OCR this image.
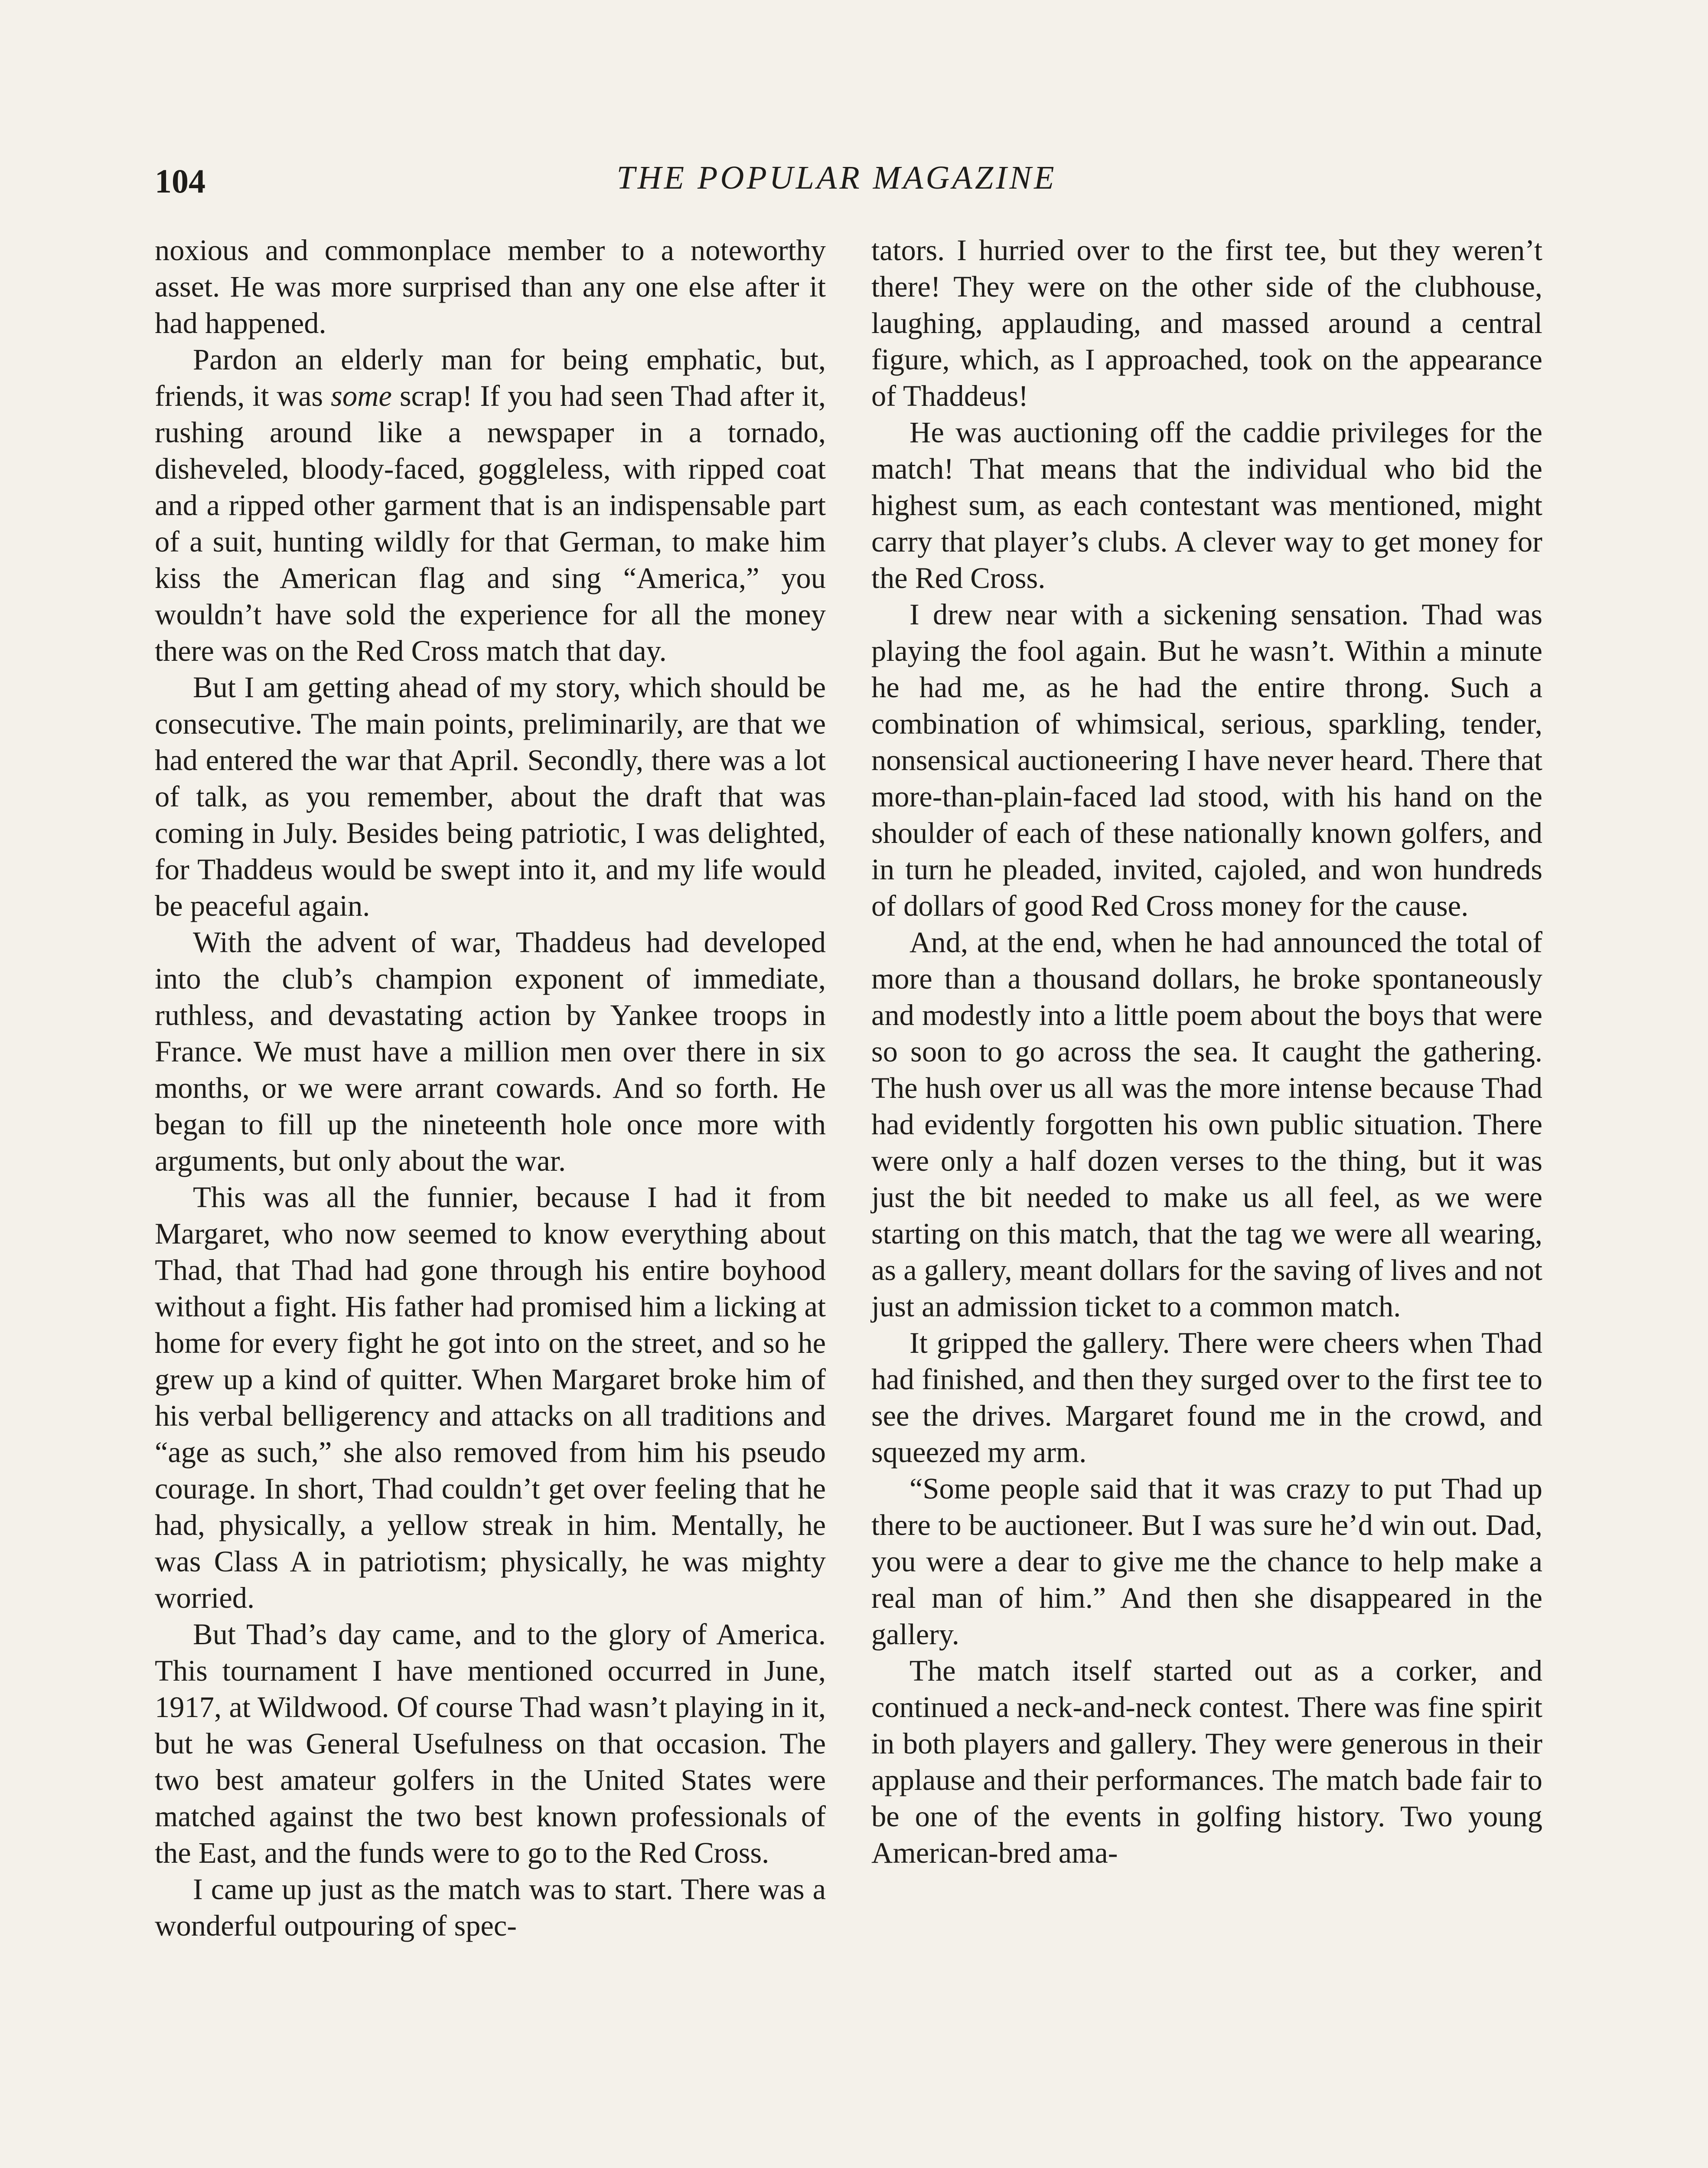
104	THE POPULAR MAGAZINE

noxious and commonplace member to a noteworthy asset. He was more surprised than any one else after it had happened.

Pardon an elderly man for being emphatic, but, friends, it was some scrap! If you had seen Thad after it, rushing around like a newspaper in a tornado, disheveled, bloody-faced, goggleless, with ripped coat and a ripped other garment that is an indispensable part of a suit, hunting wildly for that German, to make him kiss the American flag and sing “America,” you wouldn’t have sold the experience for all the money there was on the Red Cross match that day.

But I am getting ahead of my story, which should be consecutive. The main points, preliminarily, are that we had entered the war that April. Secondly, there was a lot of talk, as you remember, about the draft that was coming in July. Besides being patriotic, I was delighted, for Thaddeus would be swept into it, and my life would be peaceful again.

With the advent of war, Thaddeus had developed into the club’s champion exponent of immediate, ruthless, and devastating action by Yankee troops in France. We must have a million men over there in six months, or we were arrant cowards. And so forth. He began to fill up the nineteenth hole once more with arguments, but only about the war.

This was all the funnier, because I had it from Margaret, who now seemed to know everything about Thad, that Thad had gone through his entire boyhood without a fight. His father had promised him a licking at home for every fight he got into on the street, and so he grew up a kind of quitter. When Margaret broke him of his verbal belligerency and attacks on all traditions and “age as such,” she also removed from him his pseudo courage. In short, Thad couldn’t get over feeling that he had, physically, a yellow streak in him. Mentally, he was Class A in patriotism; physically, he was mighty worried.

But Thad’s day came, and to the glory of America. This tournament I have mentioned occurred in June, 1917, at Wildwood. Of course Thad wasn’t playing in it, but he was General Usefulness on that occasion. The two best amateur golfers in the United States were matched against the two best known professionals of the East, and the funds were to go to the Red Cross.

I came up just as the match was to start. There was a wonderful outpouring of spec-

tators. I hurried over to the first tee, but they weren’t there! They were on the other side of the clubhouse, laughing, applauding, and massed around a central figure, which, as I approached, took on the appearance of Thaddeus!

He was auctioning off the caddie privileges for the match! That means that the individual who bid the highest sum, as each contestant was mentioned, might carry that player’s clubs. A clever way to get money for the Red Cross.

I drew near with a sickening sensation. Thad was playing the fool again. But he wasn’t. Within a minute he had me, as he had the entire throng. Such a combination of whimsical, serious, sparkling, tender, nonsensical auctioneering I have never heard. There that more-than-plain-faced lad stood, with his hand on the shoulder of each of these nationally known golfers, and in turn he pleaded, invited, cajoled, and won hundreds of dollars of good Red Cross money for the cause.

And, at the end, when he had announced the total of more than a thousand dollars, he broke spontaneously and modestly into a little poem about the boys that were so soon to go across the sea. It caught the gathering. The hush over us all was the more intense because Thad had evidently forgotten his own public situation. There were only a half dozen verses to the thing, but it was just the bit needed to make us all feel, as we were starting on this match, that the tag we were all wearing, as a gallery, meant dollars for the saving of lives and not just an admission ticket to a common match.

It gripped the gallery. There were cheers when Thad had finished, and then they surged over to the first tee to see the drives. Margaret found me in the crowd, and squeezed my arm.

“Some people said that it was crazy to put Thad up there to be auctioneer. But I was sure he’d win out. Dad, you were a dear to give me the chance to help make a real man of him.” And then she disappeared in the gallery.

The match itself started out as a corker, and continued a neck-and-neck contest. There was fine spirit in both players and gallery. They were generous in their applause and their performances. The match bade fair to be one of the events in golfing history. Two young American-bred ama-
